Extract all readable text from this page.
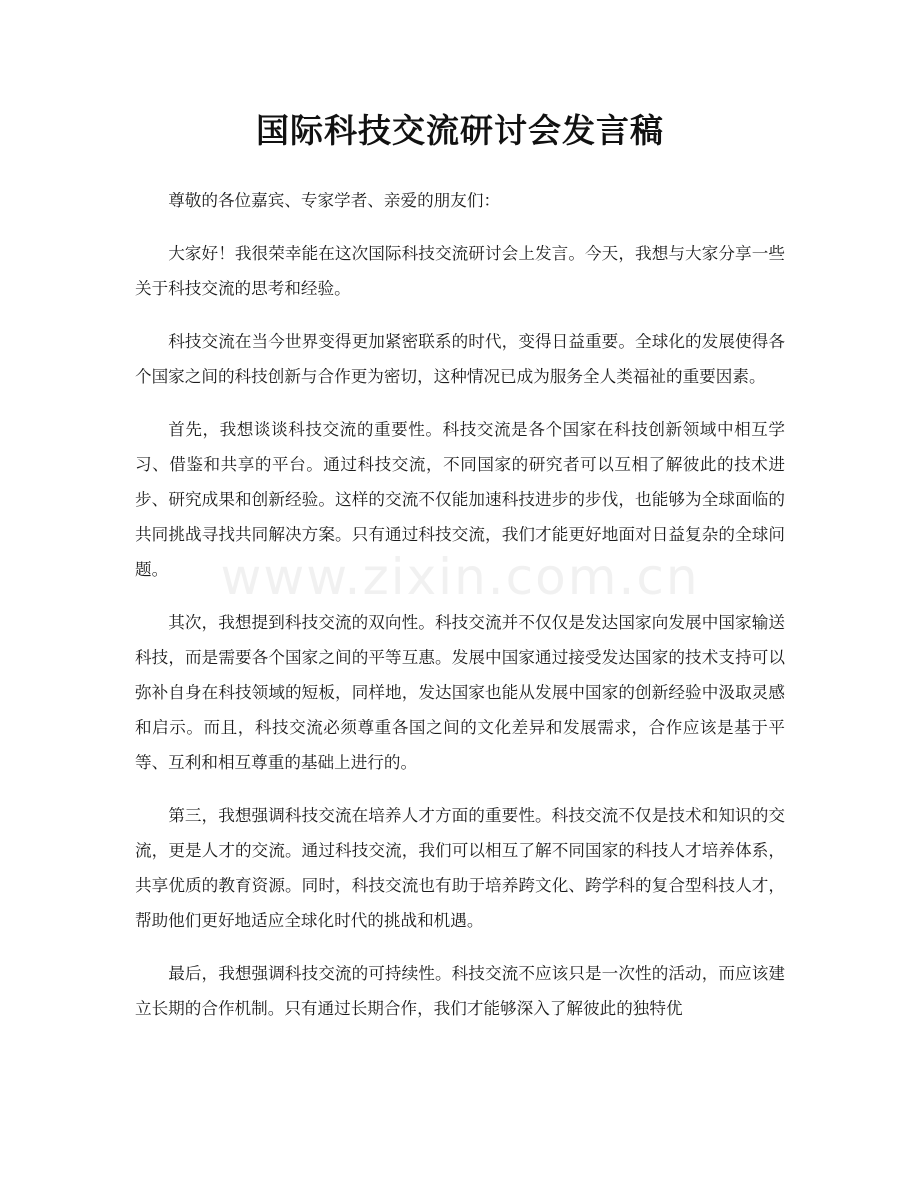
国际科技交流研讨会发言稿
www.zixin.com.cn

尊敬的各位嘉宾、专家学者、亲爱的朋友们：

大家好！我很荣幸能在这次国际科技交流研讨会上发言。今天，我想与大家分享一些关于科技交流的思考和经验。

科技交流在当今世界变得更加紧密联系的时代，变得日益重要。全球化的发展使得各个国家之间的科技创新与合作更为密切，这种情况已成为服务全人类福祉的重要因素。

首先，我想谈谈科技交流的重要性。科技交流是各个国家在科技创新领域中相互学习、借鉴和共享的平台。通过科技交流，不同国家的研究者可以互相了解彼此的技术进步、研究成果和创新经验。这样的交流不仅能加速科技进步的步伐，也能够为全球面临的共同挑战寻找共同解决方案。只有通过科技交流，我们才能更好地面对日益复杂的全球问题。

其次，我想提到科技交流的双向性。科技交流并不仅仅是发达国家向发展中国家输送科技，而是需要各个国家之间的平等互惠。发展中国家通过接受发达国家的技术支持可以弥补自身在科技领域的短板，同样地，发达国家也能从发展中国家的创新经验中汲取灵感和启示。而且，科技交流必须尊重各国之间的文化差异和发展需求，合作应该是基于平等、互利和相互尊重的基础上进行的。

第三，我想强调科技交流在培养人才方面的重要性。科技交流不仅是技术和知识的交流，更是人才的交流。通过科技交流，我们可以相互了解不同国家的科技人才培养体系，共享优质的教育资源。同时，科技交流也有助于培养跨文化、跨学科的复合型科技人才，帮助他们更好地适应全球化时代的挑战和机遇。

最后，我想强调科技交流的可持续性。科技交流不应该只是一次性的活动，而应该建立长期的合作机制。只有通过长期合作，我们才能够深入了解彼此的独特优
